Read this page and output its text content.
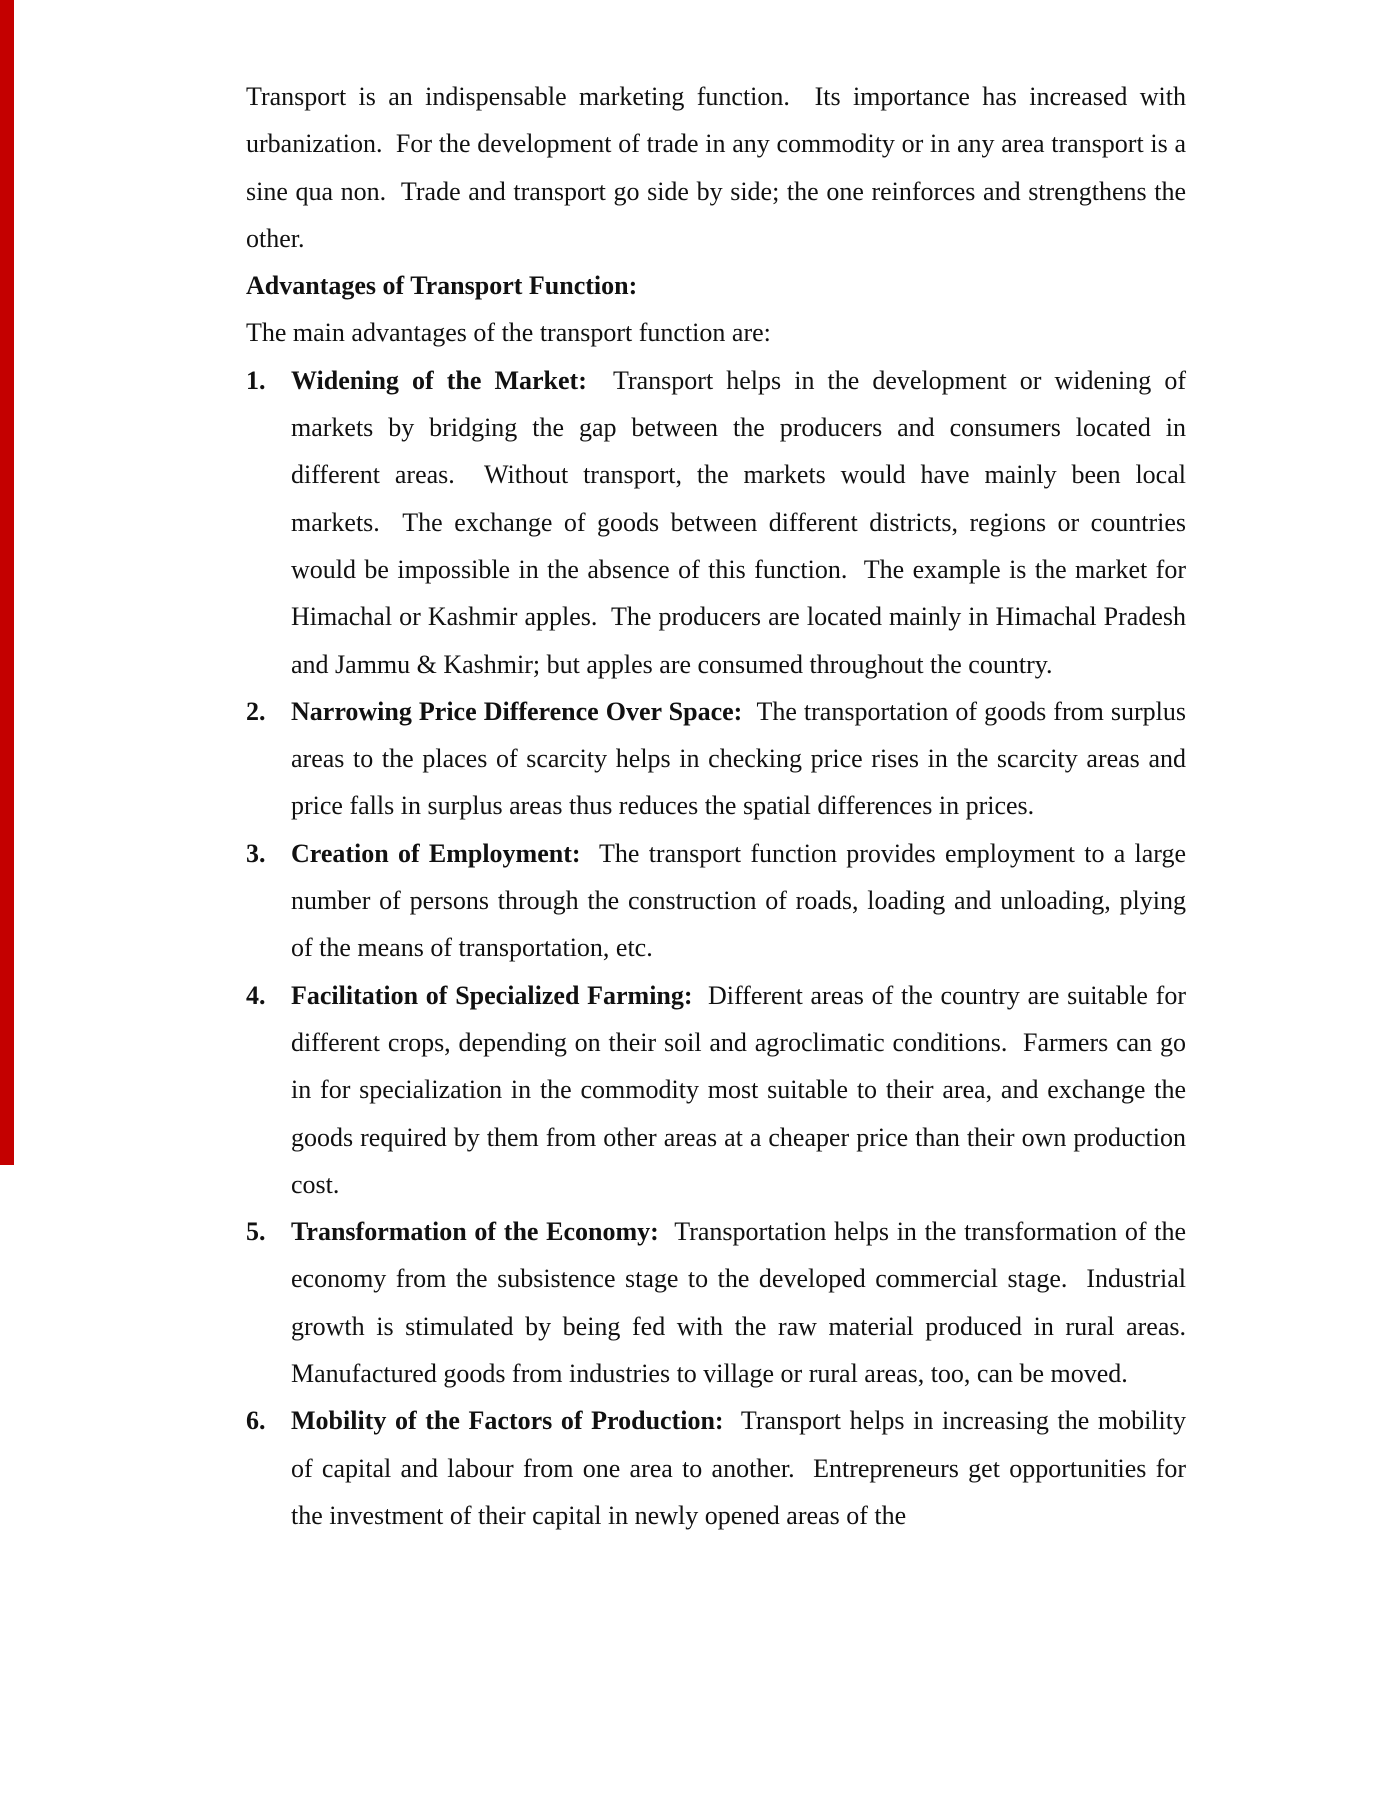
Transport is an indispensable marketing function.  Its importance has increased with urbanization.  For the development of trade in any commodity or in any area transport is a sine qua non.  Trade and transport go side by side; the one reinforces and strengthens the other.

Advantages of Transport Function:

The main advantages of the transport function are:

1. Widening of the Market:  Transport helps in the development or widening of markets by bridging the gap between the producers and consumers located in different areas.  Without transport, the markets would have mainly been local markets.  The exchange of goods between different districts, regions or countries would be impossible in the absence of this function.  The example is the market for Himachal or Kashmir apples.  The producers are located mainly in Himachal Pradesh and Jammu & Kashmir; but apples are consumed throughout the country.
2. Narrowing Price Difference Over Space:  The transportation of goods from surplus areas to the places of scarcity helps in checking price rises in the scarcity areas and price falls in surplus areas thus reduces the spatial differences in prices.
3. Creation of Employment:  The transport function provides employment to a large number of persons through the construction of roads, loading and unloading, plying of the means of transportation, etc.
4. Facilitation of Specialized Farming:  Different areas of the country are suitable for different crops, depending on their soil and agroclimatic conditions.  Farmers can go in for specialization in the commodity most suitable to their area, and exchange the goods required by them from other areas at a cheaper price than their own production cost.
5. Transformation of the Economy:  Transportation helps in the transformation of the economy from the subsistence stage to the developed commercial stage.  Industrial growth is stimulated by being fed with the raw material produced in rural areas.  Manufactured goods from industries to village or rural areas, too, can be moved.
6. Mobility of the Factors of Production:  Transport helps in increasing the mobility of capital and labour from one area to another.  Entrepreneurs get opportunities for the investment of their capital in newly opened areas of the
